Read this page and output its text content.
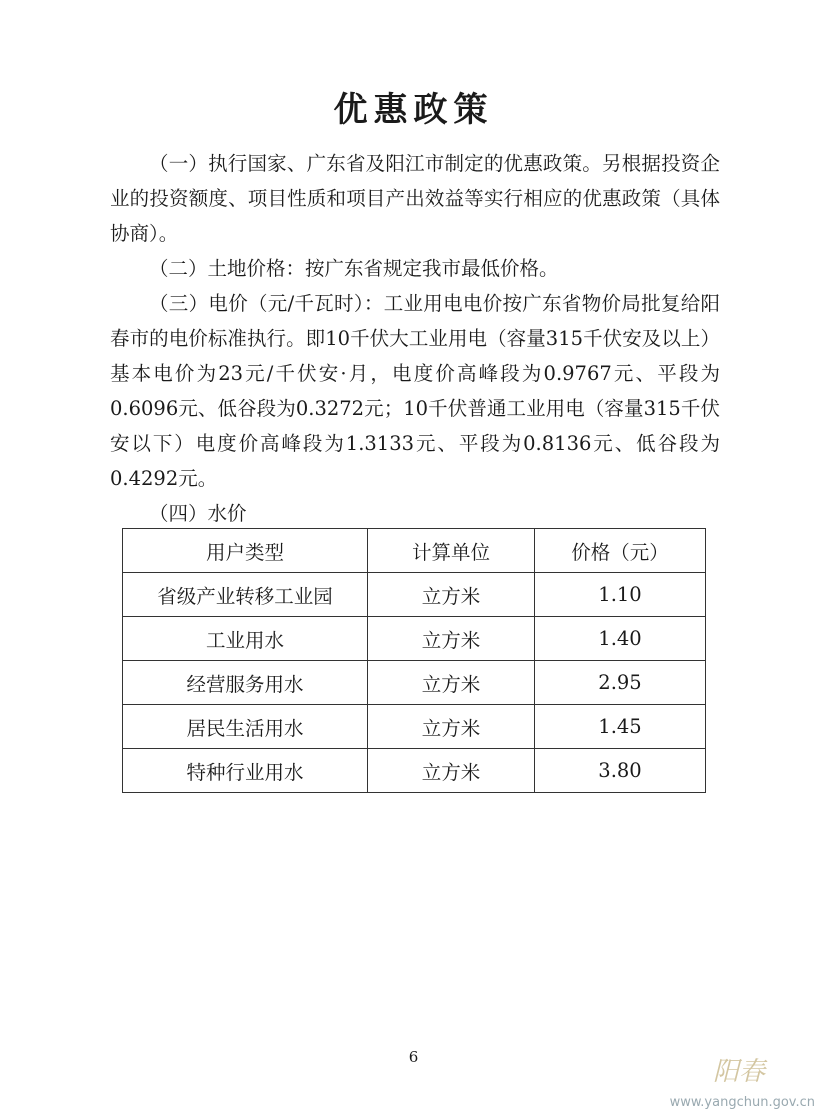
优惠政策

（一）执行国家、广东省及阳江市制定的优惠政策。另根据投资企业的投资额度、项目性质和项目产出效益等实行相应的优惠政策（具体协商）。

（二）土地价格：按广东省规定我市最低价格。

（三）电价（元/千瓦时）：工业用电电价按广东省物价局批复给阳春市的电价标准执行。即10千伏大工业用电（容量315千伏安及以上）基本电价为23元/千伏安·月，电度价高峰段为0.9767元、平段为0.6096元、低谷段为0.3272元；10千伏普通工业用电（容量315千伏安以下）电度价高峰段为1.3133元、平段为0.8136元、低谷段为0.4292元。

（四）水价

用户类型	计算单位	价格（元）
省级产业转移工业园	立方米	1.10
工业用水	立方米	1.40
经营服务用水	立方米	2.95
居民生活用水	立方米	1.45
特种行业用水	立方米	3.80
6	阳春
www.yangchun.gov.cn
